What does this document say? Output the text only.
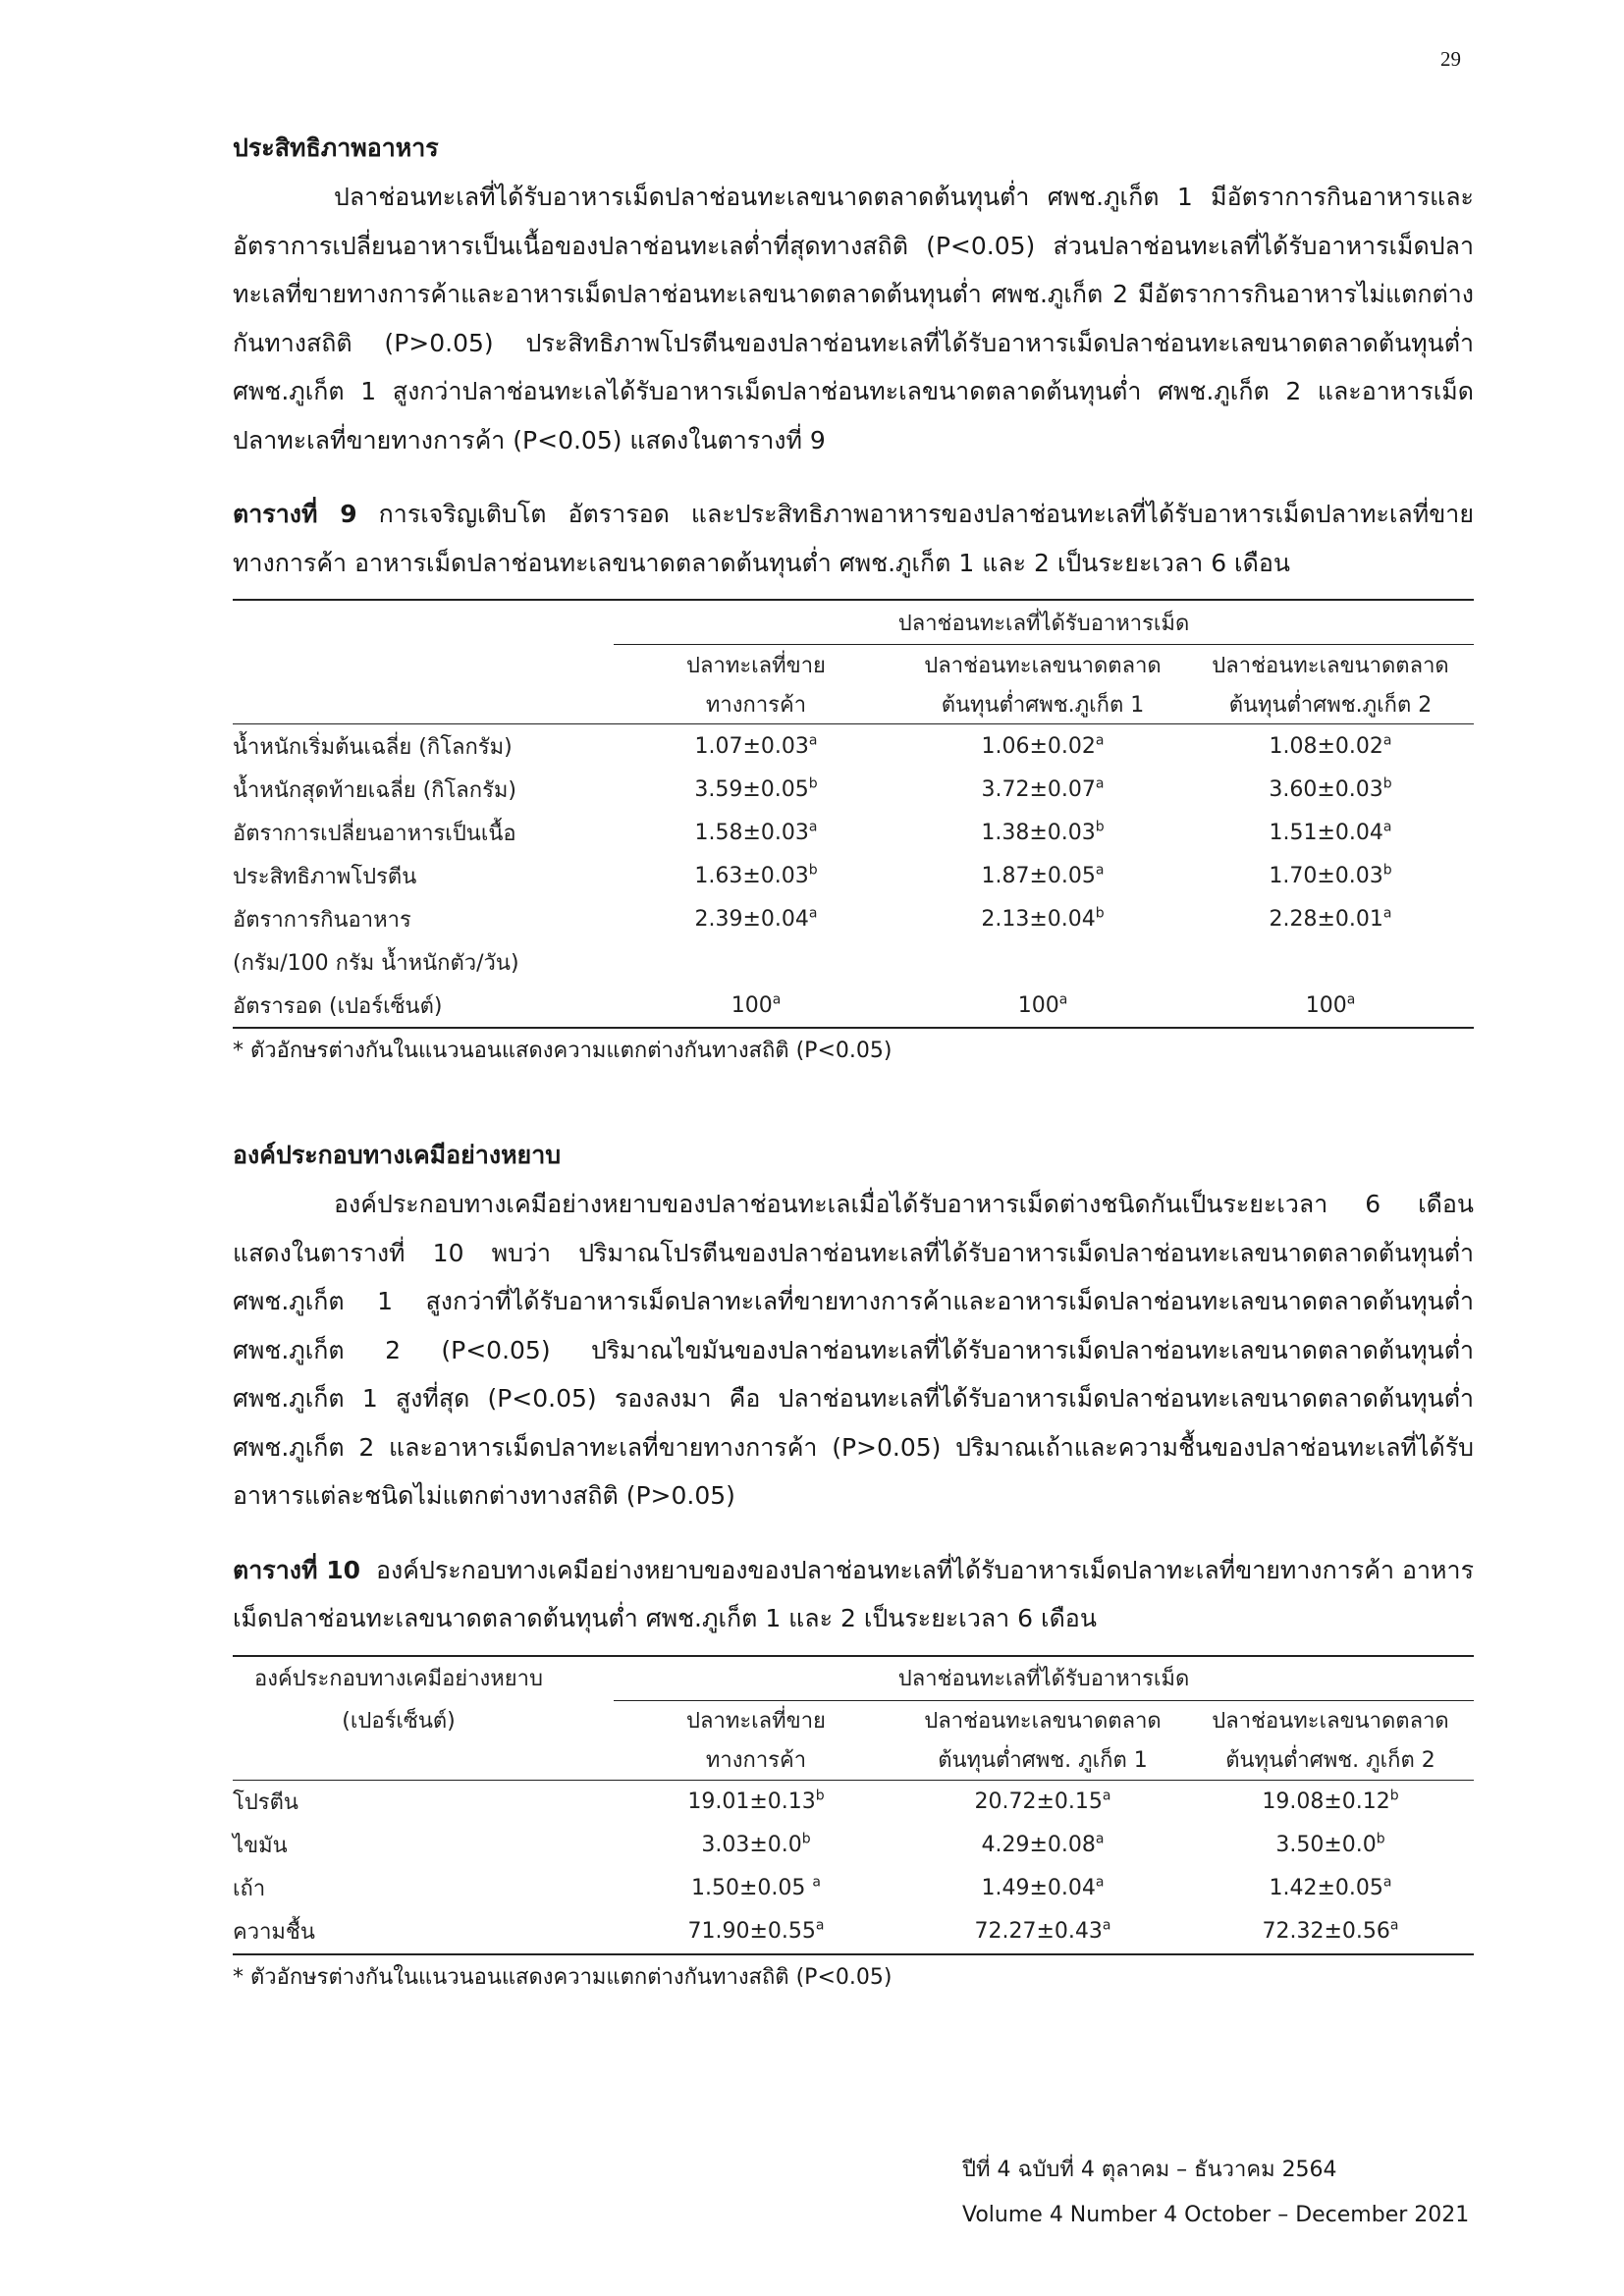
29

ประสิทธิภาพอาหาร

ปลาช่อนทะเลที่ได้รับอาหารเม็ดปลาช่อนทะเลขนาดตลาดต้นทุนต่ำ ศพช.ภูเก็ต 1 มีอัตราการกินอาหารและอัตราการเปลี่ยนอาหารเป็นเนื้อของปลาช่อนทะเลต่ำที่สุดทางสถิติ (P<0.05) ส่วนปลาช่อนทะเลที่ได้รับอาหารเม็ดปลาทะเลที่ขายทางการค้าและอาหารเม็ดปลาช่อนทะเลขนาดตลาดต้นทุนต่ำ ศพช.ภูเก็ต 2 มีอัตราการกินอาหารไม่แตกต่างกันทางสถิติ (P>0.05) ประสิทธิภาพโปรตีนของปลาช่อนทะเลที่ได้รับอาหารเม็ดปลาช่อนทะเลขนาดตลาดต้นทุนต่ำ ศพช.ภูเก็ต 1 สูงกว่าปลาช่อนทะเลได้รับอาหารเม็ดปลาช่อนทะเลขนาดตลาดต้นทุนต่ำ ศพช.ภูเก็ต 2 และอาหารเม็ดปลาทะเลที่ขายทางการค้า (P<0.05) แสดงในตารางที่ 9

ตารางที่ 9 การเจริญเติบโต อัตรารอด และประสิทธิภาพอาหารของปลาช่อนทะเลที่ได้รับอาหารเม็ดปลาทะเลที่ขายทางการค้า อาหารเม็ดปลาช่อนทะเลขนาดตลาดต้นทุนต่ำ ศพช.ภูเก็ต 1 และ 2 เป็นระยะเวลา 6 เดือน

	ปลาช่อนทะเลที่ได้รับอาหารเม็ด		
	ปลาทะเลที่ขาย	ปลาช่อนทะเลขนาดตลาด	ปลาช่อนทะเลขนาดตลาด
	ทางการค้า	ต้นทุนต่ำศพช.ภูเก็ต 1	ต้นทุนต่ำศพช.ภูเก็ต 2
น้ำหนักเริ่มต้นเฉลี่ย (กิโลกรัม)	1.07±0.03$^a$	1.06±0.02$^a$	1.08±0.02$^a$
น้ำหนักสุดท้ายเฉลี่ย (กิโลกรัม)	3.59±0.05$^b$	3.72±0.07$^a$	3.60±0.03$^b$
อัตราการเปลี่ยนอาหารเป็นเนื้อ	1.58±0.03$^a$	1.38±0.03$^b$	1.51±0.04$^a$
ประสิทธิภาพโปรตีน	1.63±0.03$^b$	1.87±0.05$^a$	1.70±0.03$^b$
อัตราการกินอาหาร	2.39±0.04$^a$	2.13±0.04$^b$	2.28±0.01$^a$
(กรัม/100 กรัม น้ำหนักตัว/วัน)			
อัตรารอด (เปอร์เซ็นต์)	100$^a$	100$^a$	100$^a$

* ตัวอักษรต่างกันในแนวนอนแสดงความแตกต่างกันทางสถิติ (P<0.05)

องค์ประกอบทางเคมีอย่างหยาบ

องค์ประกอบทางเคมีอย่างหยาบของปลาช่อนทะเลเมื่อได้รับอาหารเม็ดต่างชนิดกันเป็นระยะเวลา 6 เดือน แสดงในตารางที่ 10 พบว่า ปริมาณโปรตีนของปลาช่อนทะเลที่ได้รับอาหารเม็ดปลาช่อนทะเลขนาดตลาดต้นทุนต่ำ ศพช.ภูเก็ต 1 สูงกว่าที่ได้รับอาหารเม็ดปลาทะเลที่ขายทางการค้าและอาหารเม็ดปลาช่อนทะเลขนาดตลาดต้นทุนต่ำ ศพช.ภูเก็ต 2 (P<0.05) ปริมาณไขมันของปลาช่อนทะเลที่ได้รับอาหารเม็ดปลาช่อนทะเลขนาดตลาดต้นทุนต่ำ ศพช.ภูเก็ต 1 สูงที่สุด (P<0.05) รองลงมา คือ ปลาช่อนทะเลที่ได้รับอาหารเม็ดปลาช่อนทะเลขนาดตลาดต้นทุนต่ำ ศพช.ภูเก็ต 2 และอาหารเม็ดปลาทะเลที่ขายทางการค้า (P>0.05) ปริมาณเถ้าและความชื้นของปลาช่อนทะเลที่ได้รับอาหารแต่ละชนิดไม่แตกต่างทางสถิติ (P>0.05)

ตารางที่ 10 องค์ประกอบทางเคมีอย่างหยาบของของปลาช่อนทะเลที่ได้รับอาหารเม็ดปลาทะเลที่ขายทางการค้า อาหารเม็ดปลาช่อนทะเลขนาดตลาดต้นทุนต่ำ ศพช.ภูเก็ต 1 และ 2 เป็นระยะเวลา 6 เดือน

องค์ประกอบทางเคมีอย่างหยาบ	ปลาช่อนทะเลที่ได้รับอาหารเม็ด		
(เปอร์เซ็นต์)	ปลาทะเลที่ขาย	ปลาช่อนทะเลขนาดตลาด	ปลาช่อนทะเลขนาดตลาด
	ทางการค้า	ต้นทุนต่ำศพช. ภูเก็ต 1	ต้นทุนต่ำศพช. ภูเก็ต 2
โปรตีน	19.01±0.13$^b$	20.72±0.15$^a$	19.08±0.12$^b$
ไขมัน	3.03±0.0$^b$	4.29±0.08$^a$	3.50±0.0$^b$
เถ้า	1.50±0.05 $^a$	1.49±0.04$^a$	1.42±0.05$^a$
ความชื้น	71.90±0.55$^a$	72.27±0.43$^a$	72.32±0.56$^a$

* ตัวอักษรต่างกันในแนวนอนแสดงความแตกต่างกันทางสถิติ (P<0.05)

ปีที่ 4 ฉบับที่ 4 ตุลาคม – ธันวาคม 2564
Volume 4 Number 4 October – December 2021
